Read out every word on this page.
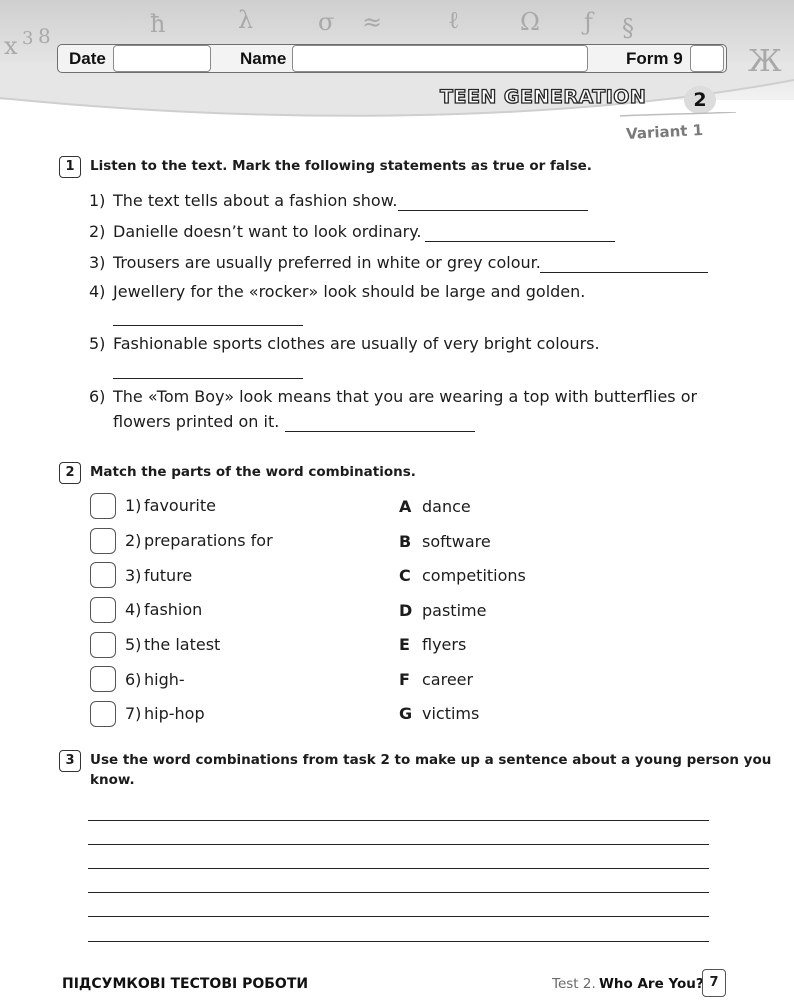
x 3 8	ħ	λ	σ ≈	ℓ	Ω ƒ §
Ж
Date	Name	Form 9
TEEN GENERATION	2
Variant 1
1	Listen to the text. Mark the following statements as true or false.
1) The text tells about a fashion show.
2) Danielle doesn’t want to look ordinary.
3) Trousers are usually preferred in white or grey colour.
4) Jewellery for the «rocker» look should be large and golden.
5) Fashionable sports clothes are usually of very bright colours.
6) The «Tom Boy» look means that you are wearing a top with butterflies or
flowers printed on it.
2	Match the parts of the word combinations.
1) favourite	A dance
2) preparations for	B software
3) future	C competitions
4) fashion	D pastime
5) the latest	E flyers
6) high-	F career
7) hip-hop	G victims
3	Use the word combinations from task 2 to make up a sentence about a young person you
know.
ПІДСУМКОВІ ТЕСТОВІ РОБОТИ	Test 2. Who Are You? 7
